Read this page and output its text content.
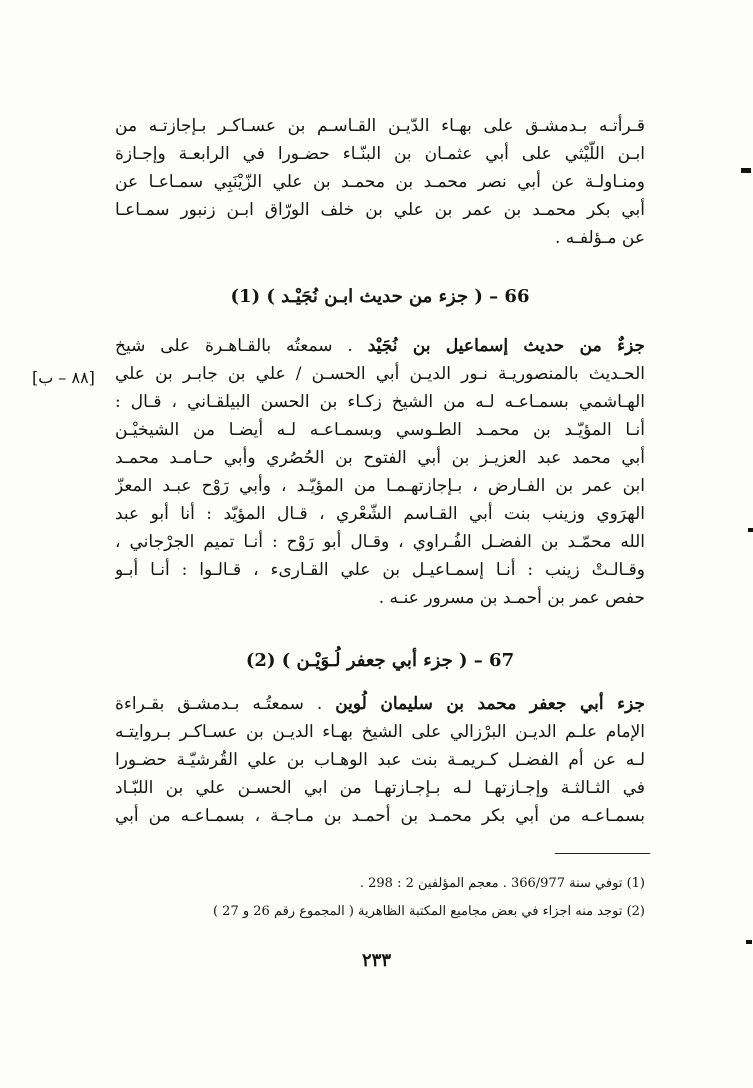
قـرأتـه بـدمشـق على بهـاء الدّيـن القـاسـم بن عسـاكـر بـإجازتـه من
ابـن اللّيْثي على أبي عثمـان بن البنّـاء حضـورا في الرابعـة وإجـازة
ومنـاولـة عن أبي نصر محمـد بن محمـد بن علي الزّيْنَبِي سمـاعـا عن
أبي بكر محمـد بن عمر بن علي بن خلف الورّاق ابـن زنبور سمـاعـا
عن مـؤلفـه .
66 – ( جزء من حديث ابـن نُجَيْـد ) (1)
جزءٌ من حديث إسماعيل بن نُجَيْد . سمعتُه بالقـاهـرة على شيخ
الحـديث بالمنصوريـة نـور الديـن أبي الحسـن / علي بن جابـر بن علي
الهـاشمي بسمـاعـه لـه من الشيخ زكـاء بن الحسن البيلقـاني ، قـال :
أنـا المؤيّـد بن محمـد الطـوسي وبسمـاعـه لـه أيضـا من الشيخيْـن
أبي محمد عبد العزيـز بن أبي الفتوح بن الحُصُري وأبي حـامـد محمـد
ابن عمر بن الفـارض ، بـإجازتهـمـا من المؤيّـد ، وأبي رَوْح عبـد المعزّ
الهرَوي وزينب بنت أبي القـاسم الشّعْري ، قـال المؤيّد : أنا أبو عبد
الله محمّـد بن الفضـل الفُـراوي ، وقـال أبو رَوْح : أنـا تميم الجرْجاني ،
وقـالـتْ زينب : أنـا إسمـاعيـل بن علي القـارىء ، قـالـوا : أنـا أبـو
حفص عمر بن أحمـد بن مسرور عنـه .
[٨٨ – ب]
67 – ( جزء أبي جعفر لُـوَيْـن ) (2)
جزء أبي جعفر محمد بن سليمان لُوين . سمعتُـه بـدمشـق بقـراءة
الإمام علـم الديـن البرْزالي على الشيخ بهـاء الديـن بن عسـاكـر بـروايتـه
لـه عن أم الفضـل كـريمـة بنت عبد الوهـاب بن علي القُرشيّـة حضـورا
في الثـالثـة وإجـازتهـا لـه بـإجـازتهـا من ابي الحسـن علي بن اللبّـاد
بسمـاعـه من أبي بكر محمـد بن أحمـد بن مـاجـة ، بسمـاعـه من أبي
(1) توفي سنة 366/977 . معجم المؤلفين 2 : 298 .
(2) توجد منه اجزاء في بعض مجاميع المكتبة الظاهرية ( المجموع رقم 26 و 27 )
٢٣٣
